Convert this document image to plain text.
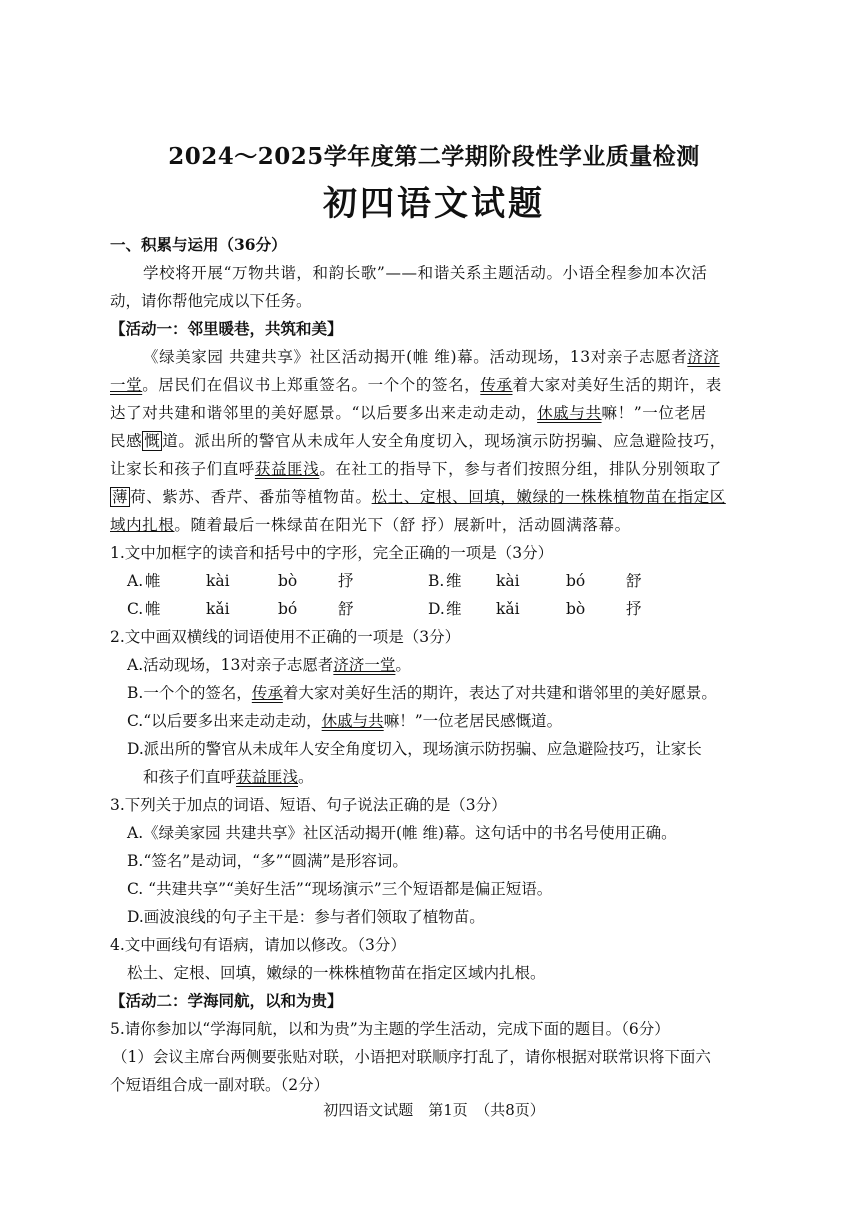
2024～2025学年度第二学期阶段性学业质量检测
初四语文试题
一、积累与运用（36分）
学校将开展“万物共谐，和韵长歌”——和谐关系主题活动。小语全程参加本次活
动，请你帮他完成以下任务。
【活动一：邻里暖巷，共筑和美】
《绿美家园 共建共享》社区活动揭开(帷 维)幕。活动现场，13对亲子志愿者济济
一堂。居民们在倡议书上郑重签名。一个个的签名，传承着大家对美好生活的期许，表
达了对共建和谐邻里的美好愿景。“以后要多出来走动走动，休戚与共嘛！”一位老居
民感 慨 道。派出所的警官从未成年人安全角度切入，现场演示防拐骗、应急避险技巧，
让家长和孩子们直呼获益匪浅。在社工的指导下，参与者们按照分组，排队分别领取了
薄 荷、紫苏、香芹、番茄等植物苗。松土、定根、回填，嫩绿的一株株植物苗在指定区
域内扎根。随着最后一株绿苗在阳光下（舒 抒）展新叶，活动圆满落幕。
1.文中加框字的读音和括号中的字形，完全正确的一项是（3分）
A. 帷	kài	bò	抒	B. 维 kài	bó	舒
C. 帷	kǎi	bó	舒	D. 维 kǎi	bò	抒
2.文中画双横线的词语使用不正确的一项是（3分）
A.活动现场，13对亲子志愿者济济一堂。
B.一个个的签名，传承着大家对美好生活的期许，表达了对共建和谐邻里的美好愿景。
C.“以后要多出来走动走动，休戚与共嘛！”一位老居民感慨道。
D.派出所的警官从未成年人安全角度切入，现场演示防拐骗、应急避险技巧，让家长
和孩子们直呼获益匪浅。
3.下列关于加点的词语、短语、句子说法正确的是（3分）
A.《绿美家园 共建共享》社区活动揭开(帷 维)幕。这句话中的书名号使用正确。
B.“签名”是动词，“多”“圆满”是形容词。
C. “共建共享”“美好生活”“现场演示”三个短语都是偏正短语。
D.画波浪线的句子主干是：参与者们领取了植物苗。
4.文中画线句有语病，请加以修改。（3分）
松土、定根、回填，嫩绿的一株株植物苗在指定区域内扎根。
【活动二：学海同航，以和为贵】
5.请你参加以“学海同航，以和为贵”为主题的学生活动，完成下面的题目。（6分）
（1）会议主席台两侧要张贴对联，小语把对联顺序打乱了，请你根据对联常识将下面六
个短语组合成一副对联。（2分）
初四语文试题　第1页　（共8页）
